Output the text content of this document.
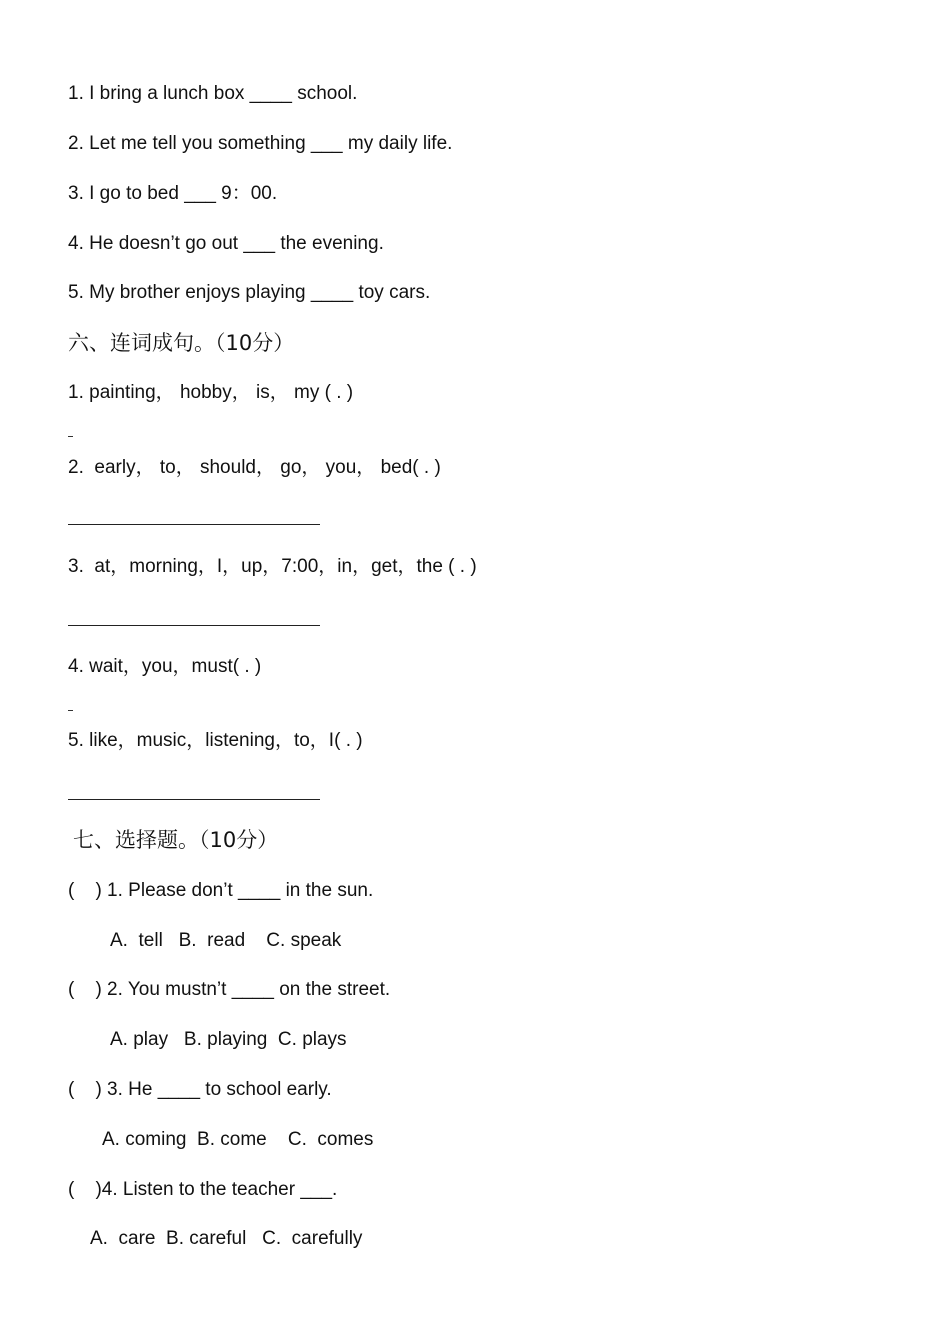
1. I bring a lunch box ____ school.
2. Let me tell you something ___ my daily life.
3. I go to bed ___ 9：00.
4. He doesn’t go out ___ the evening.
5. My brother enjoys playing ____ toy cars.
六、连词成句。（10分）
1. painting， hobby， is， my ( . )
2.  early， to， should， go， you， bed( . )
3.  at，morning，I，up，7:00，in，get，the ( . )
4. wait，you，must( . )
5. like，music，listening，to，I( . )
七、选择题。（10分）
(    ) 1. Please don’t ____ in the sun.
A.  tell   B.  read    C. speak
(    ) 2. You mustn’t ____ on the street.
A. play   B. playing  C. plays
(    ) 3. He ____ to school early.
A. coming  B. come    C.  comes
(    )4. Listen to the teacher ___.
A.  care  B. careful   C.  carefully
